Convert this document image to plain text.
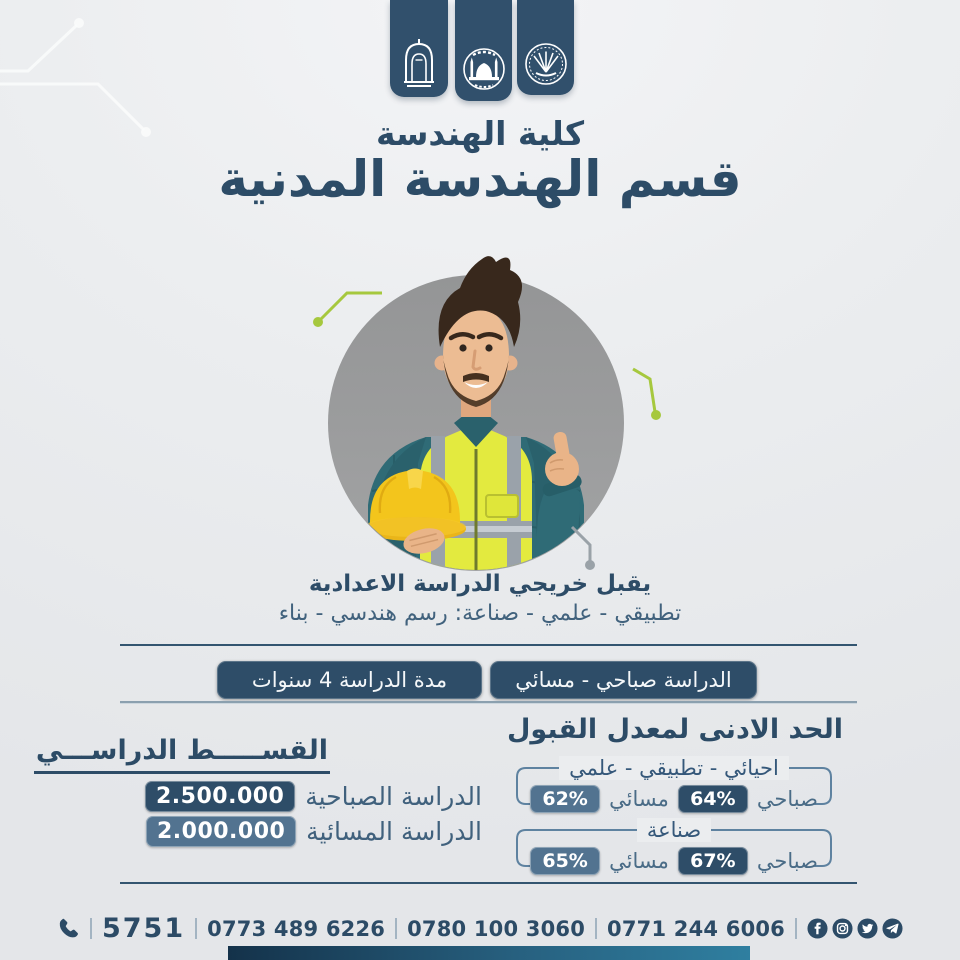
كلية الهندسة
قسم الهندسة المدنية
يقبل خريجي الدراسة الاعدادية
تطبيقي - علمي - صناعة: رسم هندسي - بناء
الدراسة صباحي - مسائي
مدة الدراسة 4 سنوات
الحد الادنى لمعدل القبول
احيائي - تطبيقي - علمي
صباحي
64%
مسائي
62%
صناعة
صباحي
67%
مسائي
65%
القســـــط الدراســـي
الدراسة الصباحية
2.500.000
الدراسة المسائية
2.000.000
5751 0773 489 6226 0780 100 3060 0771 244 6006
